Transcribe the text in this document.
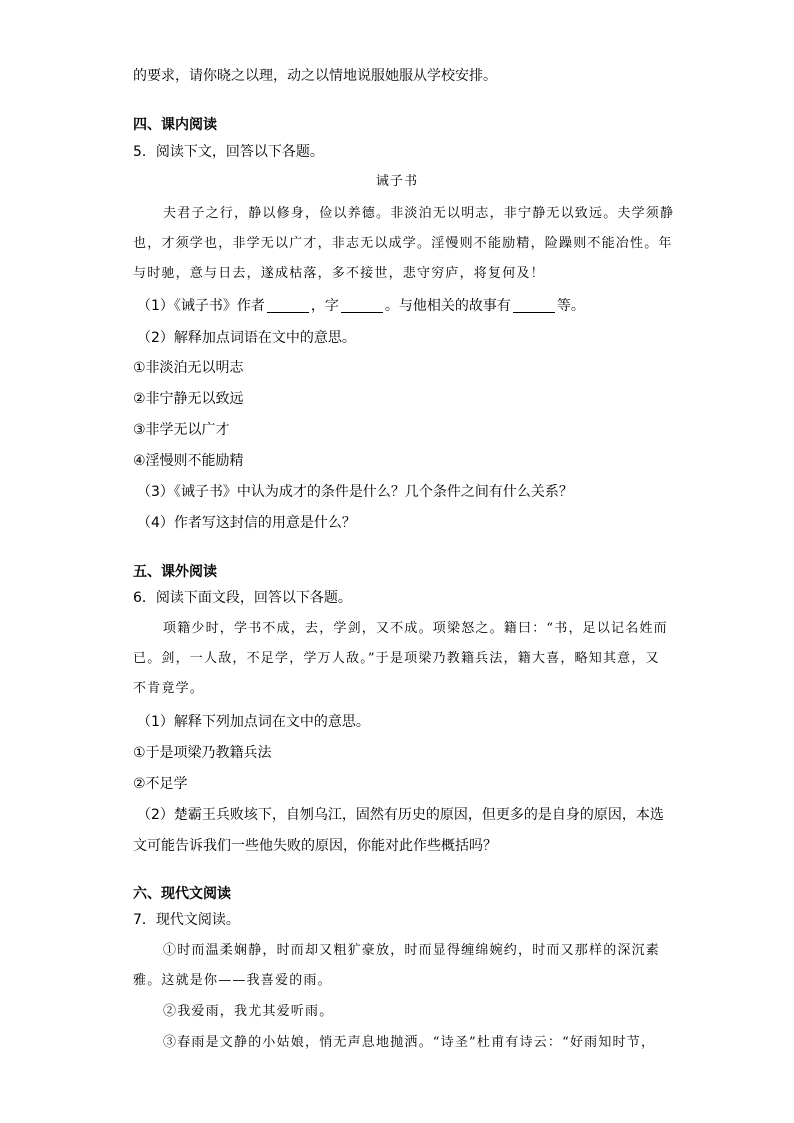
的要求，请你晓之以理，动之以情地说服她服从学校安排。
四、课内阅读
5．阅读下文，回答以下各题。
诫子书
夫君子之行，静以修身，俭以养德。非淡泊无以明志，非宁静无以致远。夫学须静
也，才须学也，非学无以广才，非志无以成学。淫慢则不能励精，险躁则不能冶性。年
与时驰，意与日去，遂成枯落，多不接世，悲守穷庐，将复何及！
（1）《诫子书》作者	，字	。与他相关的故事有	等。
（2）解释加点词语在文中的意思。
①非淡泊无以明志
②非宁静无以致远
③非学无以广才
④淫慢则不能励精
（3）《诫子书》中认为成才的条件是什么？几个条件之间有什么关系？
（4）作者写这封信的用意是什么？
五、课外阅读
6．阅读下面文段，回答以下各题。
项籍少时，学书不成，去，学剑，又不成。项梁怒之。籍曰：“书，足以记名姓而
已。剑，一人敌，不足学，学万人敌。”于是项梁乃教籍兵法，籍大喜，略知其意，又
不肯竟学。
（1）解释下列加点词在文中的意思。
①于是项梁乃教籍兵法
②不足学
（2）楚霸王兵败垓下，自刎乌江，固然有历史的原因，但更多的是自身的原因，本选
文可能告诉我们一些他失败的原因，你能对此作些概括吗？
六、现代文阅读
7．现代文阅读。
①时而温柔娴静，时而却又粗犷豪放，时而显得缠绵婉约，时而又那样的深沉素
雅。这就是你——我喜爱的雨。
②我爱雨，我尤其爱听雨。
③春雨是文静的小姑娘，悄无声息地抛洒。“诗圣”杜甫有诗云：“好雨知时节，
